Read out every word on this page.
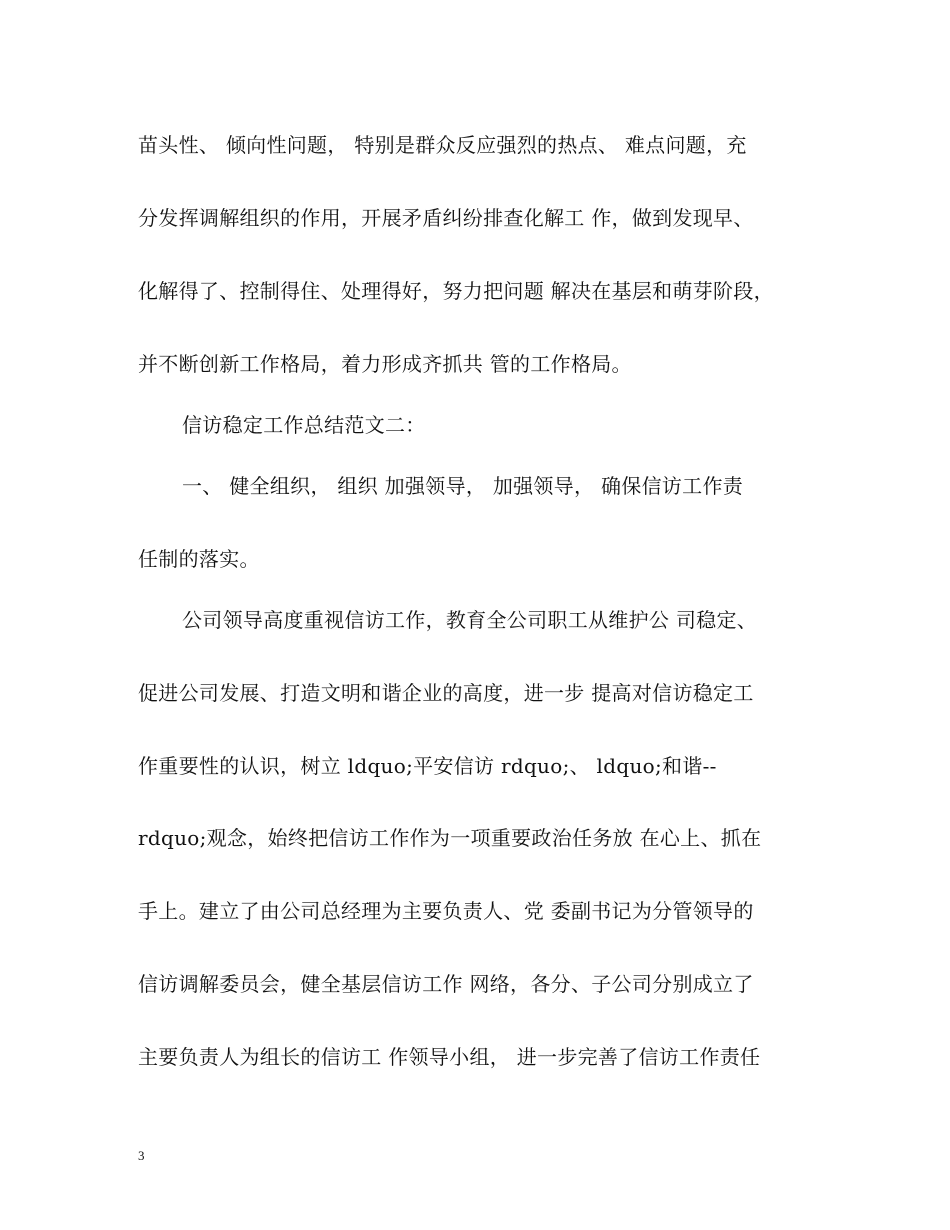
苗头性、 倾向性问题， 特别是群众反应强烈的热点、 难点问题，充
分发挥调解组织的作用，开展矛盾纠纷排查化解工 作，做到发现早、
化解得了、控制得住、处理得好，努力把问题 解决在基层和萌芽阶段，
并不断创新工作格局，着力形成齐抓共 管的工作格局。
信访稳定工作总结范文二：
一、 健全组织， 组织 加强领导， 加强领导， 确保信访工作责
任制的落实。
公司领导高度重视信访工作，教育全公司职工从维护公 司稳定、
促进公司发展、打造文明和谐企业的高度，进一步 提高对信访稳定工
作重要性的认识，树立 ldquo;平安信访 rdquo;、 ldquo;和谐--
rdquo;观念，始终把信访工作作为一项重要政治任务放 在心上、抓在
手上。建立了由公司总经理为主要负责人、党 委副书记为分管领导的
信访调解委员会，健全基层信访工作 网络，各分、子公司分别成立了
主要负责人为组长的信访工 作领导小组， 进一步完善了信访工作责任
3
